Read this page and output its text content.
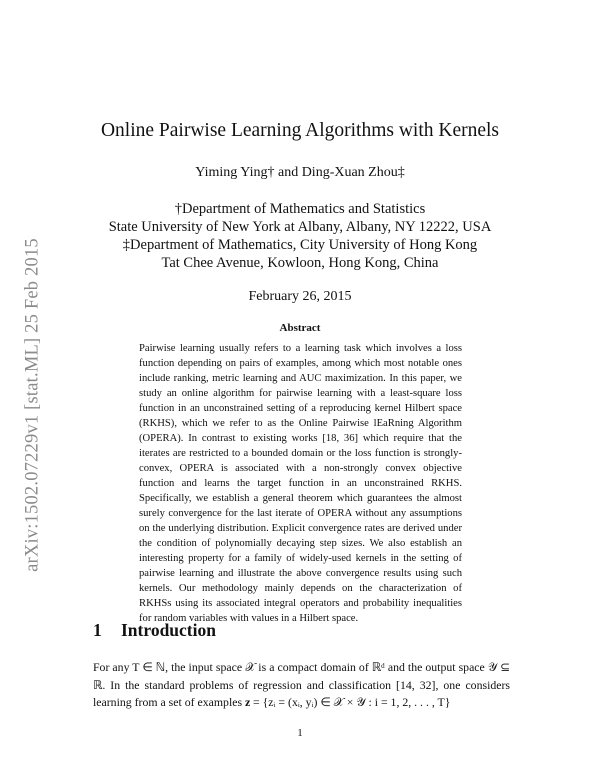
arXiv:1502.07229v1 [stat.ML] 25 Feb 2015
Online Pairwise Learning Algorithms with Kernels
Yiming Ying† and Ding-Xuan Zhou‡
†Department of Mathematics and Statistics
State University of New York at Albany, Albany, NY 12222, USA
‡Department of Mathematics, City University of Hong Kong
Tat Chee Avenue, Kowloon, Hong Kong, China
February 26, 2015
Abstract
Pairwise learning usually refers to a learning task which involves a loss function depending on pairs of examples, among which most notable ones include ranking, metric learning and AUC maximization. In this paper, we study an online algorithm for pairwise learning with a least-square loss function in an unconstrained setting of a reproducing kernel Hilbert space (RKHS), which we refer to as the Online Pairwise lEaRning Algorithm (OPERA). In contrast to existing works [18, 36] which require that the iterates are restricted to a bounded domain or the loss function is strongly-convex, OPERA is associated with a non-strongly convex objective function and learns the target function in an unconstrained RKHS. Specifically, we establish a general theorem which guarantees the almost surely convergence for the last iterate of OPERA without any assumptions on the underlying distribution. Explicit convergence rates are derived under the condition of polynomially decaying step sizes. We also establish an interesting property for a family of widely-used kernels in the setting of pairwise learning and illustrate the above convergence results using such kernels. Our methodology mainly depends on the characterization of RKHSs using its associated integral operators and probability inequalities for random variables with values in a Hilbert space.
1 Introduction
For any T ∈ ℕ, the input space 𝒳 is a compact domain of ℝᵈ and the output space 𝒴 ⊆ ℝ. In the standard problems of regression and classification [14, 32], one considers learning from a set of examples 𝐳 = {zᵢ = (xᵢ, yᵢ) ∈ 𝒳 × 𝒴 : i = 1, 2, . . . , T}
1
